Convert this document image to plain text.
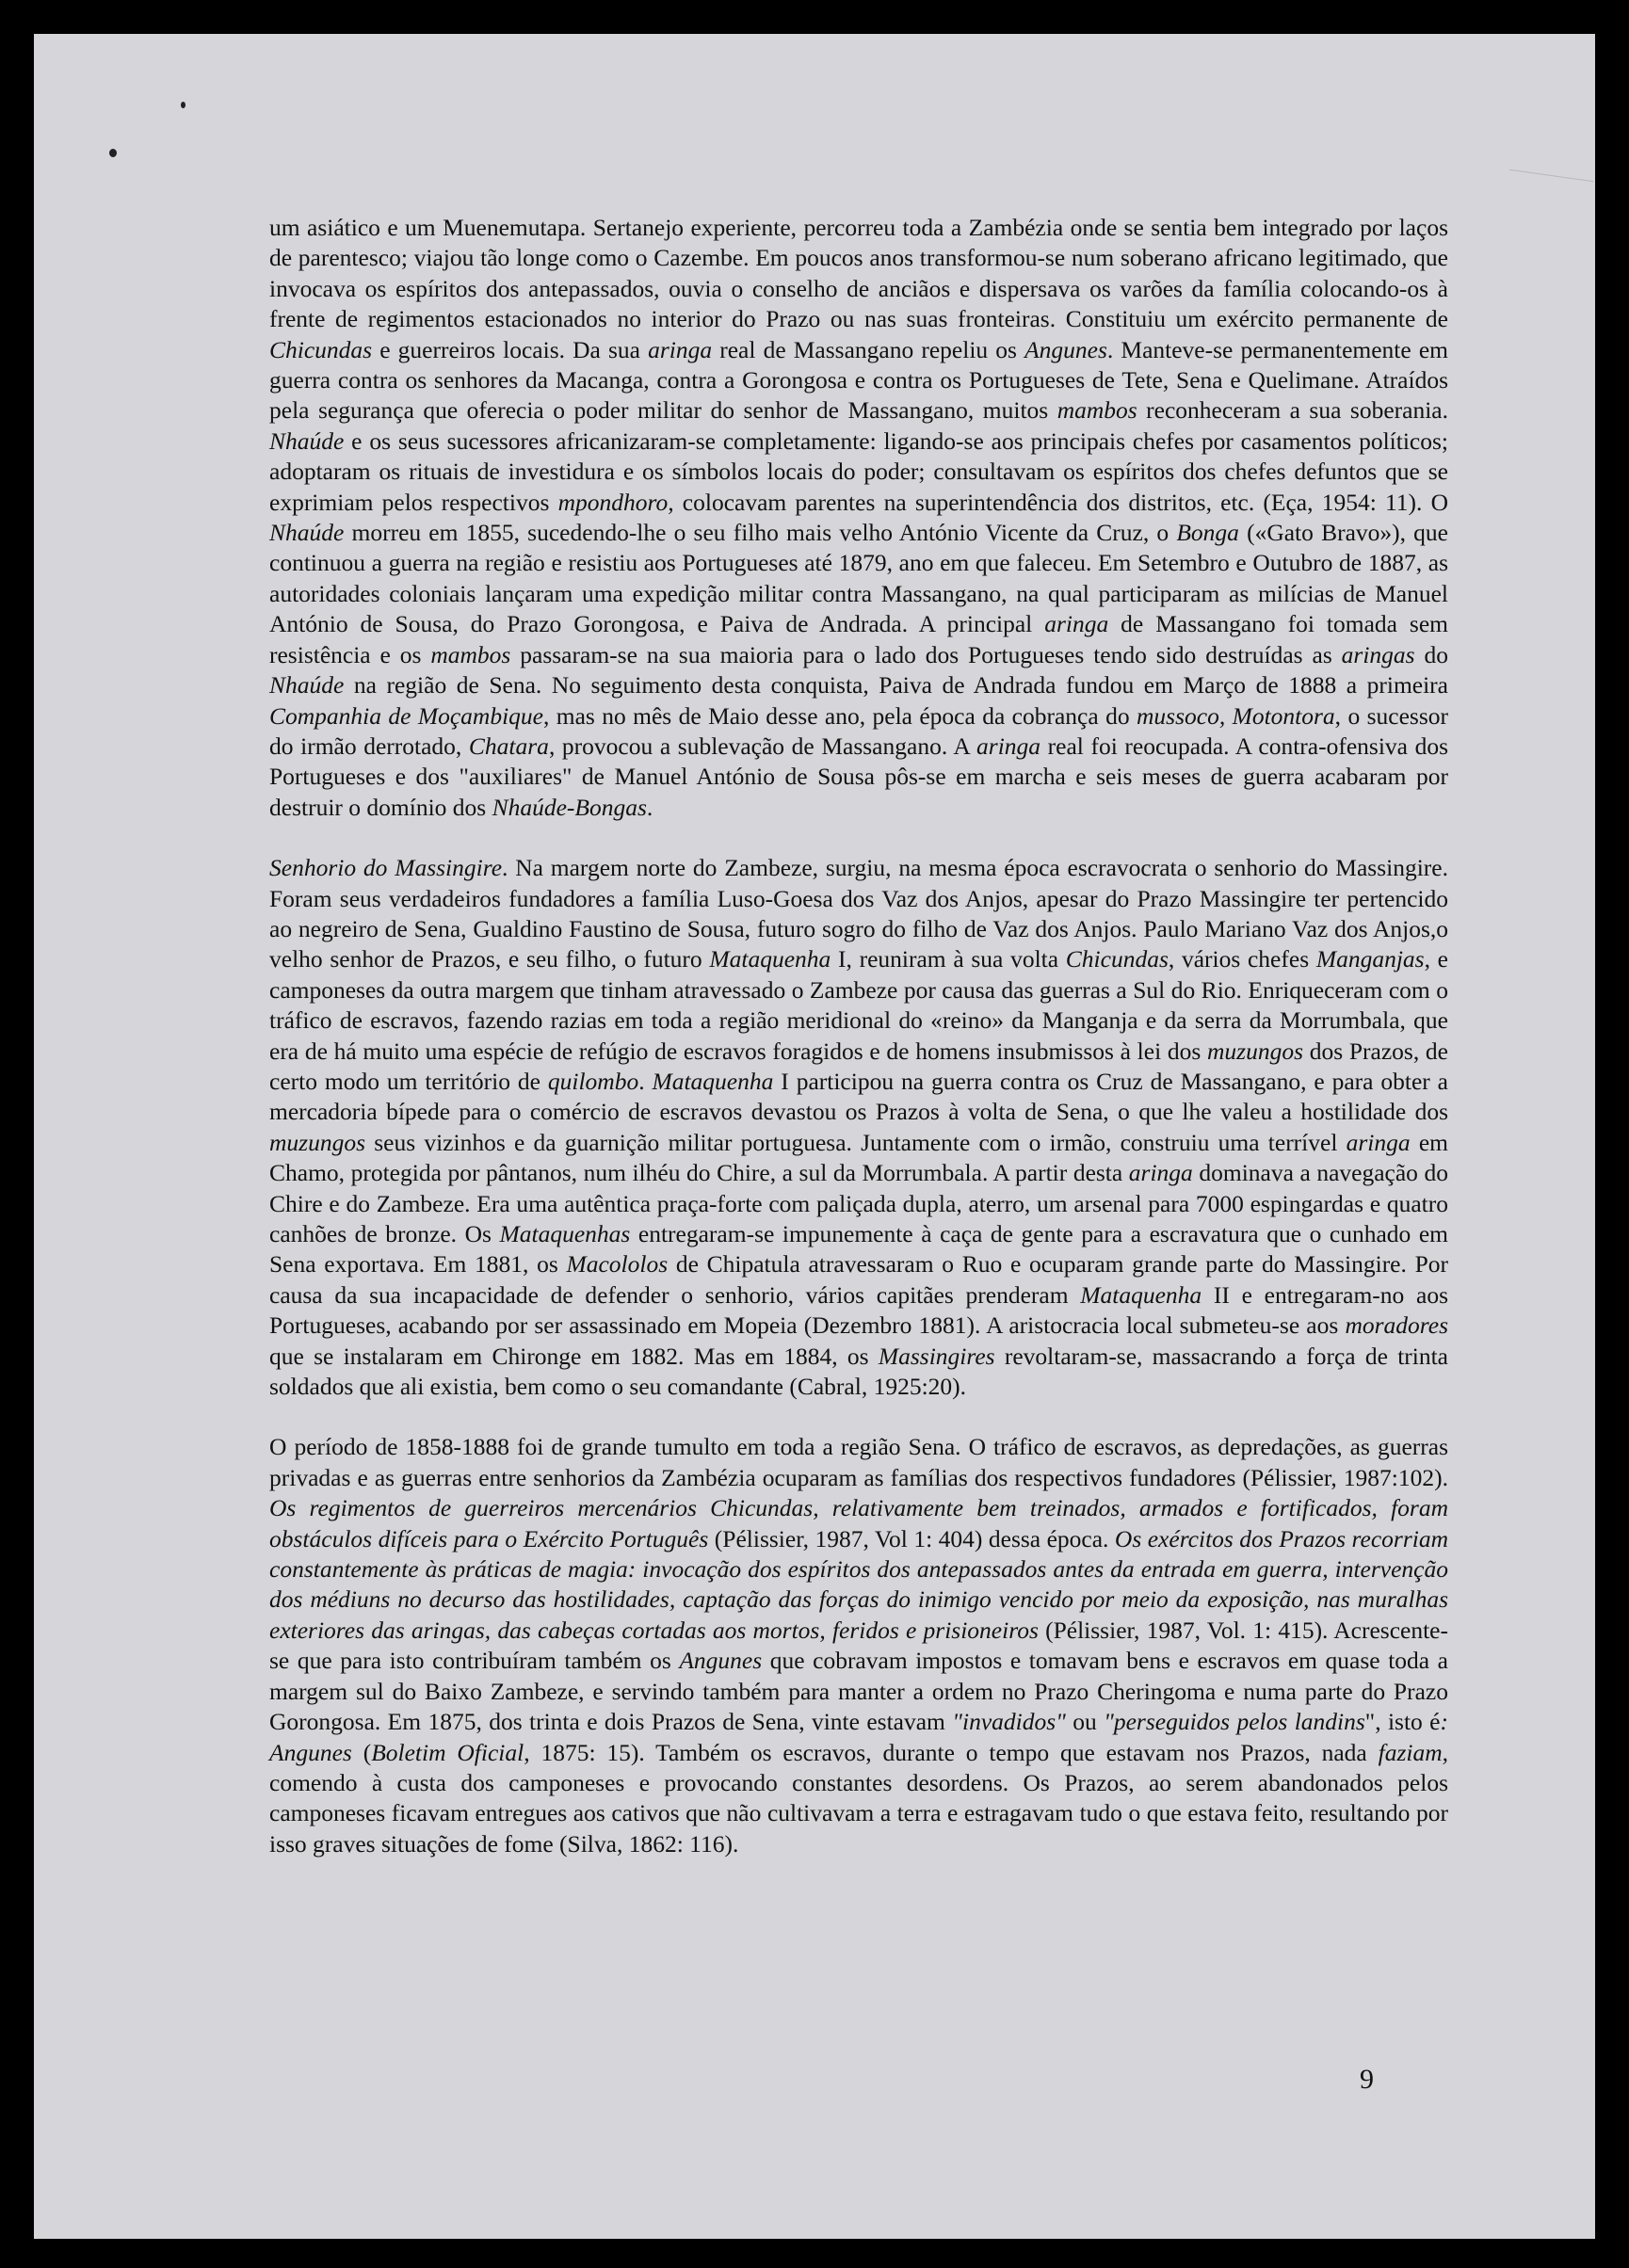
um asiático e um Muenemutapa. Sertanejo experiente, percorreu toda a Zambézia onde se sentia bem integrado por laços de parentesco; viajou tão longe como o Cazembe. Em poucos anos transformou-se num soberano africano legitimado, que invocava os espíritos dos antepassados, ouvia o conselho de anciãos e dispersava os varões da família colocando-os à frente de regimentos estacionados no interior do Prazo ou nas suas fronteiras. Constituiu um exército permanente de Chicundas e guerreiros locais. Da sua aringa real de Massangano repeliu os Angunes. Manteve-se permanentemente em guerra contra os senhores da Macanga, contra a Gorongosa e contra os Portugueses de Tete, Sena e Quelimane. Atraídos pela segurança que oferecia o poder militar do senhor de Massangano, muitos mambos reconheceram a sua soberania. Nhaúde e os seus sucessores africanizaram-se completamente: ligando-se aos principais chefes por casamentos políticos; adoptaram os rituais de investidura e os símbolos locais do poder; consultavam os espíritos dos chefes defuntos que se exprimiam pelos respectivos mpondhoro, colocavam parentes na superintendência dos distritos, etc. (Eça, 1954: 11). O Nhaúde morreu em 1855, sucedendo-lhe o seu filho mais velho António Vicente da Cruz, o Bonga («Gato Bravo»), que continuou a guerra na região e resistiu aos Portugueses até 1879, ano em que faleceu. Em Setembro e Outubro de 1887, as autoridades coloniais lançaram uma expedição militar contra Massangano, na qual participaram as milícias de Manuel António de Sousa, do Prazo Gorongosa, e Paiva de Andrada. A principal aringa de Massangano foi tomada sem resistência e os mambos passaram-se na sua maioria para o lado dos Portugueses tendo sido destruídas as aringas do Nhaúde na região de Sena. No seguimento desta conquista, Paiva de Andrada fundou em Março de 1888 a primeira Companhia de Moçambique, mas no mês de Maio desse ano, pela época da cobrança do mussoco, Motontora, o sucessor do irmão derrotado, Chatara, provocou a sublevação de Massangano. A aringa real foi reocupada. A contra-ofensiva dos Portugueses e dos "auxiliares" de Manuel António de Sousa pôs-se em marcha e seis meses de guerra acabaram por destruir o domínio dos Nhaúde-Bongas.

Senhorio do Massingire. Na margem norte do Zambeze, surgiu, na mesma época escravocrata o senhorio do Massingire. Foram seus verdadeiros fundadores a família Luso-Goesa dos Vaz dos Anjos, apesar do Prazo Massingire ter pertencido ao negreiro de Sena, Gualdino Faustino de Sousa, futuro sogro do filho de Vaz dos Anjos. Paulo Mariano Vaz dos Anjos,o velho senhor de Prazos, e seu filho, o futuro Mataquenha I, reuniram à sua volta Chicundas, vários chefes Manganjas, e camponeses da outra margem que tinham atravessado o Zambeze por causa das guerras a Sul do Rio. Enriqueceram com o tráfico de escravos, fazendo razias em toda a região meridional do «reino» da Manganja e da serra da Morrumbala, que era de há muito uma espécie de refúgio de escravos foragidos e de homens insubmissos à lei dos muzungos dos Prazos, de certo modo um território de quilombo. Mataquenha I participou na guerra contra os Cruz de Massangano, e para obter a mercadoria bípede para o comércio de escravos devastou os Prazos à volta de Sena, o que lhe valeu a hostilidade dos muzungos seus vizinhos e da guarnição militar portuguesa. Juntamente com o irmão, construiu uma terrível aringa em Chamo, protegida por pântanos, num ilhéu do Chire, a sul da Morrumbala. A partir desta aringa dominava a navegação do Chire e do Zambeze. Era uma autêntica praça-forte com paliçada dupla, aterro, um arsenal para 7000 espingardas e quatro canhões de bronze. Os Mataquenhas entregaram-se impunemente à caça de gente para a escravatura que o cunhado em Sena exportava. Em 1881, os Macololos de Chipatula atravessaram o Ruo e ocuparam grande parte do Massingire. Por causa da sua incapacidade de defender o senhorio, vários capitães prenderam Mataquenha II e entregaram-no aos Portugueses, acabando por ser assassinado em Mopeia (Dezembro 1881). A aristocracia local submeteu-se aos moradores que se instalaram em Chironge em 1882. Mas em 1884, os Massingires revoltaram-se, massacrando a força de trinta soldados que ali existia, bem como o seu comandante (Cabral, 1925:20).

O período de 1858-1888 foi de grande tumulto em toda a região Sena. O tráfico de escravos, as depredações, as guerras privadas e as guerras entre senhorios da Zambézia ocuparam as famílias dos respectivos fundadores (Pélissier, 1987:102). Os regimentos de guerreiros mercenários Chicundas, relativamente bem treinados, armados e fortificados, foram obstáculos difíceis para o Exército Português (Pélissier, 1987, Vol 1: 404) dessa época. Os exércitos dos Prazos recorriam constantemente às práticas de magia: invocação dos espíritos dos antepassados antes da entrada em guerra, intervenção dos médiuns no decurso das hostilidades, captação das forças do inimigo vencido por meio da exposição, nas muralhas exteriores das aringas, das cabeças cortadas aos mortos, feridos e prisioneiros (Pélissier, 1987, Vol. 1: 415). Acrescente-se que para isto contribuíram também os Angunes que cobravam impostos e tomavam bens e escravos em quase toda a margem sul do Baixo Zambeze, e servindo também para manter a ordem no Prazo Cheringoma e numa parte do Prazo Gorongosa. Em 1875, dos trinta e dois Prazos de Sena, vinte estavam "invadidos" ou "perseguidos pelos landins", isto é: Angunes (Boletim Oficial, 1875: 15). Também os escravos, durante o tempo que estavam nos Prazos, nada faziam, comendo à custa dos camponeses e provocando constantes desordens. Os Prazos, ao serem abandonados pelos camponeses ficavam entregues aos cativos que não cultivavam a terra e estragavam tudo o que estava feito, resultando por isso graves situações de fome (Silva, 1862: 116).

9
